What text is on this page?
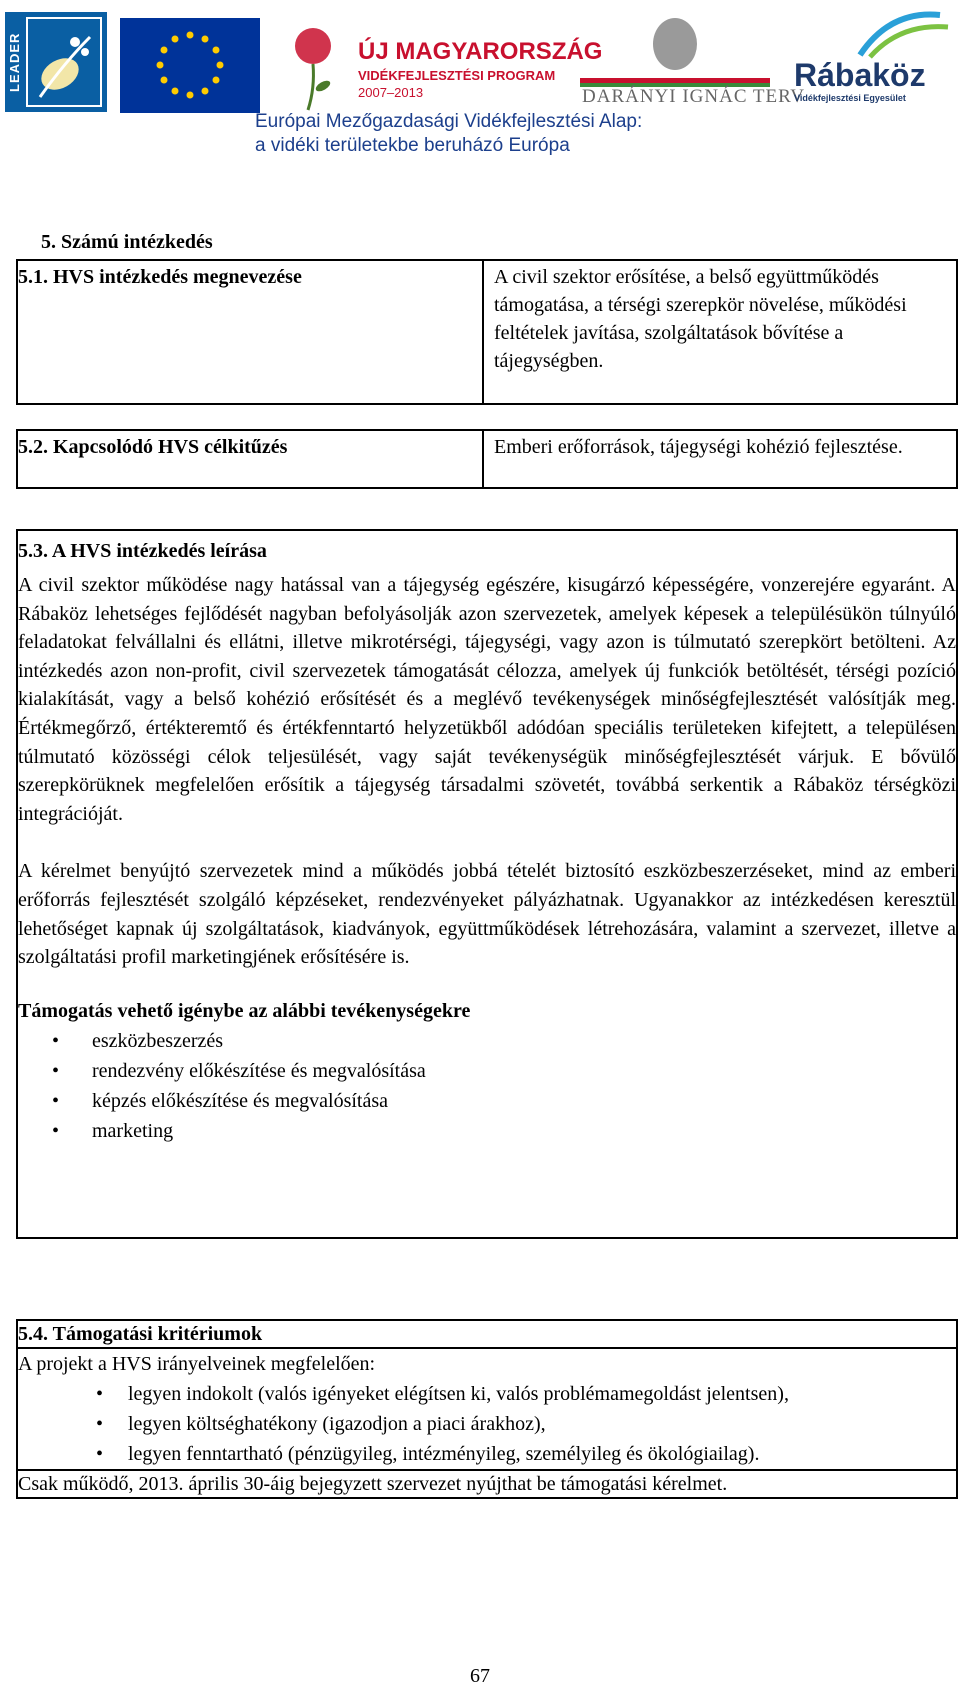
LEADER	ÚJ MAGYARORSZÁG
VIDÉKFEJLESZTÉSI PROGRAM
2007–2013	DARÁNYI IGNÁC TERV
Rábaköz
Vidékfejlesztési Egyesület
Európai Mezőgazdasági Vidékfejlesztési Alap:
a vidéki területekbe beruházó Európa
5. Számú intézkedés
5.1. HVS intézkedés megnevezése	A civil szektor erősítése, a belső együttműködés támogatása, a térségi szerepkör növelése, működési feltételek javítása, szolgáltatások bővítése a tájegységben.
5.2. Kapcsolódó HVS célkitűzés	Emberi erőforrások, tájegységi kohézió fejlesztése.
5.3. A HVS intézkedés leírása
A civil szektor működése nagy hatással van a tájegység egészére, kisugárzó képességére, vonzerejére egyaránt. A Rábaköz lehetséges fejlődését nagyban befolyásolják azon szervezetek, amelyek képesek a településükön túlnyúló feladatokat felvállalni és ellátni, illetve mikrotérségi, tájegységi, vagy azon is túlmutató szerepkört betölteni. Az intézkedés azon non-profit, civil szervezetek támogatását célozza, amelyek új funkciók betöltését, térségi pozíció kialakítását, vagy a belső kohézió erősítését és a meglévő tevékenységek minőségfejlesztését valósítják meg. Értékmegőrző, értékteremtő és értékfenntartó helyzetükből adódóan speciális területeken kifejtett, a településen túlmutató közösségi célok teljesülését, vagy saját tevékenységük minőségfejlesztését várjuk. E bővülő szerepkörüknek megfelelően erősítik a tájegység társadalmi szövetét, továbbá serkentik a Rábaköz térségközi integrációját.
A kérelmet benyújtó szervezetek mind a működés jobbá tételét biztosító eszközbeszerzéseket, mind az emberi erőforrás fejlesztését szolgáló képzéseket, rendezvényeket pályázhatnak. Ugyanakkor az intézkedésen keresztül lehetőséget kapnak új szolgáltatások, kiadványok, együttműködések létrehozására, valamint a szervezet, illetve a szolgáltatási profil marketingjének erősítésére is.
Támogatás vehető igénybe az alábbi tevékenységekre
• eszközbeszerzés
• rendezvény előkészítése és megvalósítása
• képzés előkészítése és megvalósítása
• marketing
5.4. Támogatási kritériumok
A projekt a HVS irányelveinek megfelelően:
• legyen indokolt (valós igényeket elégítsen ki, valós problémamegoldást jelentsen),
• legyen költséghatékony (igazodjon a piaci árakhoz),
• legyen fenntartható (pénzügyileg, intézményileg, személyileg és ökológiailag).
Csak működő, 2013. április 30-áig bejegyzett szervezet nyújthat be támogatási kérelmet.
67
